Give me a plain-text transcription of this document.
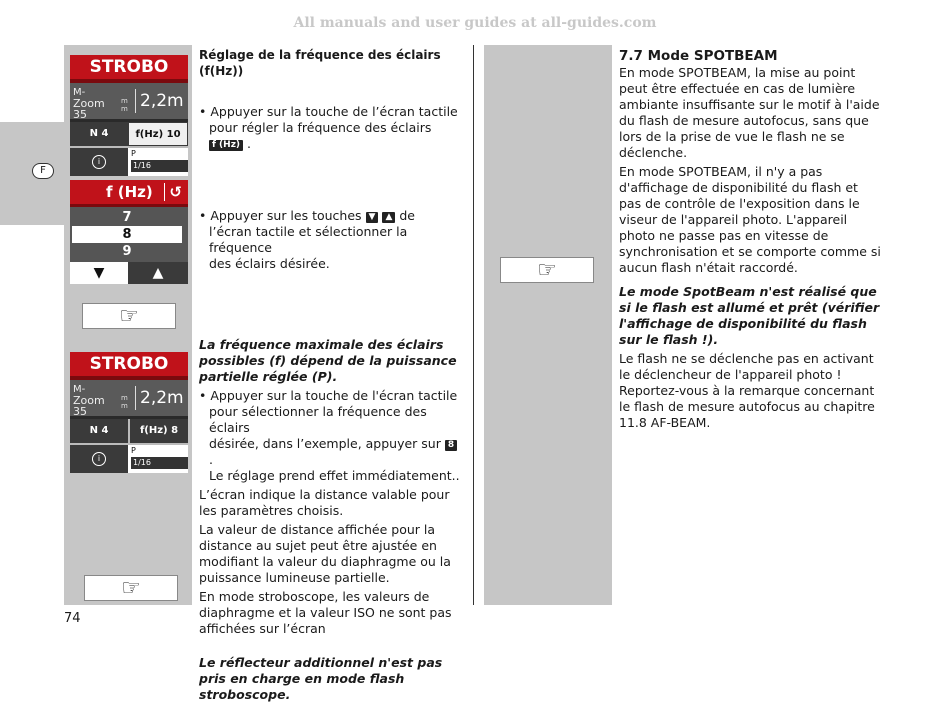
All manuals and user guides at all-guides.com
F
STROBO
M-
Zoom 35
m m 2,2m
N 4	f(Hz) 10
i
P
1/16
f (Hz)	↺
7
8
9
▼	▲
☞
STROBO
M-
Zoom 35
m m 2,2m
N 4	f(Hz) 8
i
P
1/16
☞
Réglage de la fréquence des éclairs (f(Hz))
• Appuyer sur la touche de l’écran tactile
pour régler la fréquence des éclairs f (Hz) .
• Appuyer sur les touches ▼ ▲ de
l’écran tactile et sélectionner la fréquence
des éclairs désirée.
La fréquence maximale des éclairs possibles (f) dépend de la puissance partielle réglée (P).
• Appuyer sur la touche de l'écran tactile
pour sélectionner la fréquence des éclairs
désirée, dans l’exemple, appuyer sur 8 .
Le réglage prend effet immédiatement..
L’écran indique la distance valable pour les paramètres choisis.
La valeur de distance affichée pour la distance au sujet peut être ajustée en modifiant la valeur du diaphragme ou la puissance lumineuse partielle.
En mode stroboscope, les valeurs de diaphragme et la valeur ISO ne sont pas affichées sur l’écran
Le réflecteur additionnel n'est pas pris en charge en mode flash stroboscope.
☞
7.7 Mode SPOTBEAM
En mode SPOTBEAM, la mise au point peut être effectuée en cas de lumière ambiante insuffisante sur le motif à l'aide du flash de mesure autofocus, sans que lors de la prise de vue le flash ne se déclenche.
En mode SPOTBEAM, il n'y a pas d'affichage de disponibilité du flash et pas de contrôle de l'exposition dans le viseur de l'appareil photo. L'appareil photo ne passe pas en vitesse de synchronisation et se comporte comme si aucun flash n'était raccordé.
Le mode SpotBeam n'est réalisé que si le flash est allumé et prêt (vérifier l'affichage de disponibilité du flash sur le flash !).
Le flash ne se déclenche pas en activant le déclencheur de l'appareil photo ! Reportez-vous à la remarque concernant le flash de mesure autofocus au chapitre 11.8 AF-BEAM.
74
